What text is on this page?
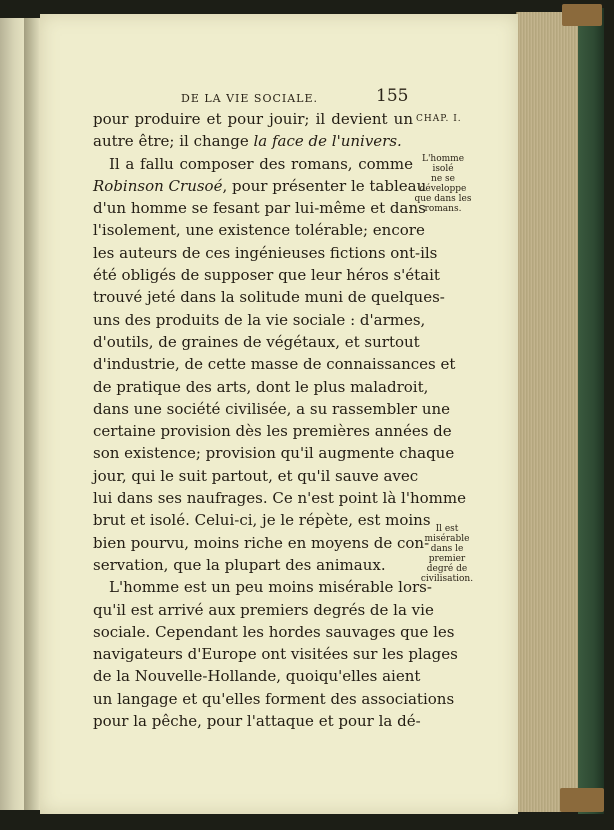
DE LA VIE SOCIALE.	155
CHAP. I.
pour produire et pour jouir; il devient un
autre être; il change la face de l'univers.
Il a fallu composer des romans, comme
Robinson Crusoé, pour présenter le tableau
d'un homme se fesant par lui-même et dans
l'isolement, une existence tolérable; encore
les auteurs de ces ingénieuses fictions ont-ils
été obligés de supposer que leur héros s'était
trouvé jeté dans la solitude muni de quelques-
uns des produits de la vie sociale : d'armes,
d'outils, de graines de végétaux, et surtout
d'industrie, de cette masse de connaissances et
de pratique des arts, dont le plus maladroit,
dans une société civilisée, a su rassembler une
certaine provision dès les premières années de
son existence; provision qu'il augmente chaque
jour, qui le suit partout, et qu'il sauve avec
lui dans ses naufrages. Ce n'est point là l'homme
brut et isolé. Celui-ci, je le répète, est moins
bien pourvu, moins riche en moyens de con-
servation, que la plupart des animaux.
L'homme est un peu moins misérable lors-
qu'il est arrivé aux premiers degrés de la vie
sociale. Cependant les hordes sauvages que les
navigateurs d'Europe ont visitées sur les plages
de la Nouvelle-Hollande, quoiqu'elles aient
un langage et qu'elles forment des associations
pour la pêche, pour l'attaque et pour la dé-
L'homme isolé
ne se développe
que dans les
romans.
Il est misérable
dans le premier
degré de
civilisation.
